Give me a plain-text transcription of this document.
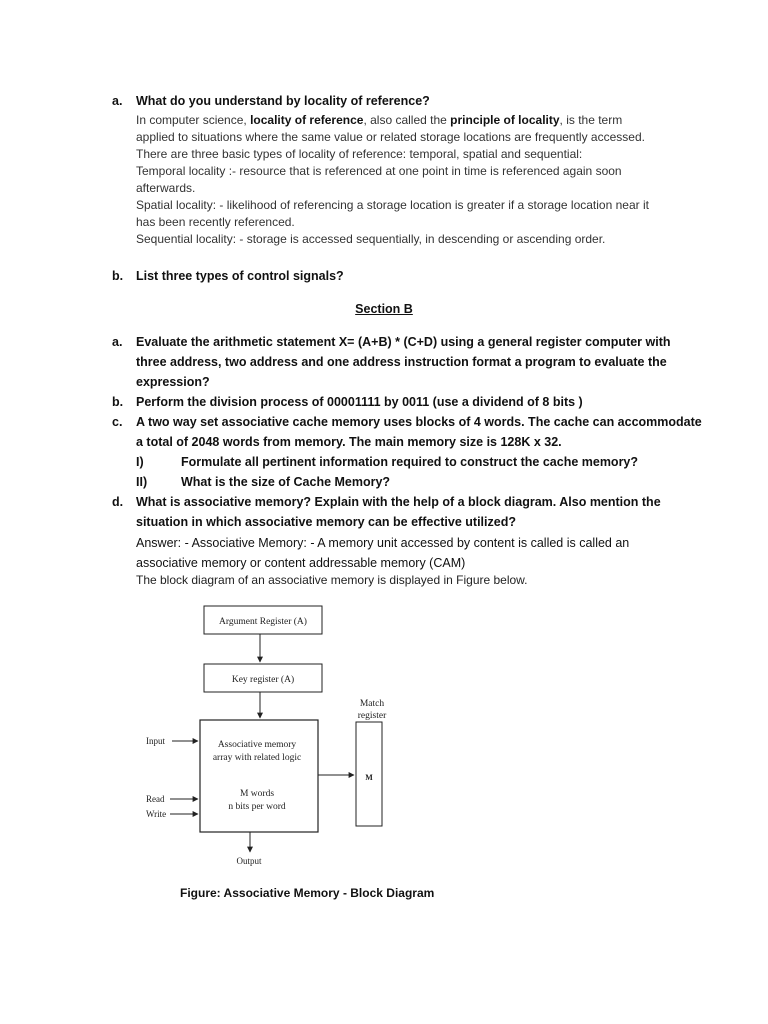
a. What do you understand by locality of reference?
In computer science, locality of reference, also called the principle of locality, is the term
applied to situations where the same value or related storage locations are frequently accessed.
There are three basic types of locality of reference: temporal, spatial and sequential:
Temporal locality :- resource that is referenced at one point in time is referenced again soon
afterwards.
Spatial locality: - likelihood of referencing a storage location is greater if a storage location near it
has been recently referenced.
Sequential locality: - storage is accessed sequentially, in descending or ascending order.
b. List three types of control signals?
Section B
a. Evaluate the arithmetic statement X= (A+B) * (C+D) using a general register computer with
three address, two address and one address instruction format a program to evaluate the
expression?
b. Perform the division process of 00001111 by 0011 (use a dividend of 8 bits )
c. A two way set associative cache memory uses blocks of 4 words. The cache can accommodate
a total of 2048 words from memory. The main memory size is 128K x 32.
I)	Formulate all pertinent information required to construct the cache memory?
II)	What is the size of Cache Memory?
d. What is associative memory? Explain with the help of a block diagram. Also mention the
situation in which associative memory can be effective utilized?
Answer: - Associative Memory: - A memory unit accessed by content is called is called an
associative memory or content addressable memory (CAM)
The block diagram of an associative memory is displayed in Figure below.
Argument Register (A)
Key register (A)
Match
register
Associative memory
array with related logic
M words
n bits per word
M
Input
Read
Write
Output
Figure: Associative Memory - Block Diagram
